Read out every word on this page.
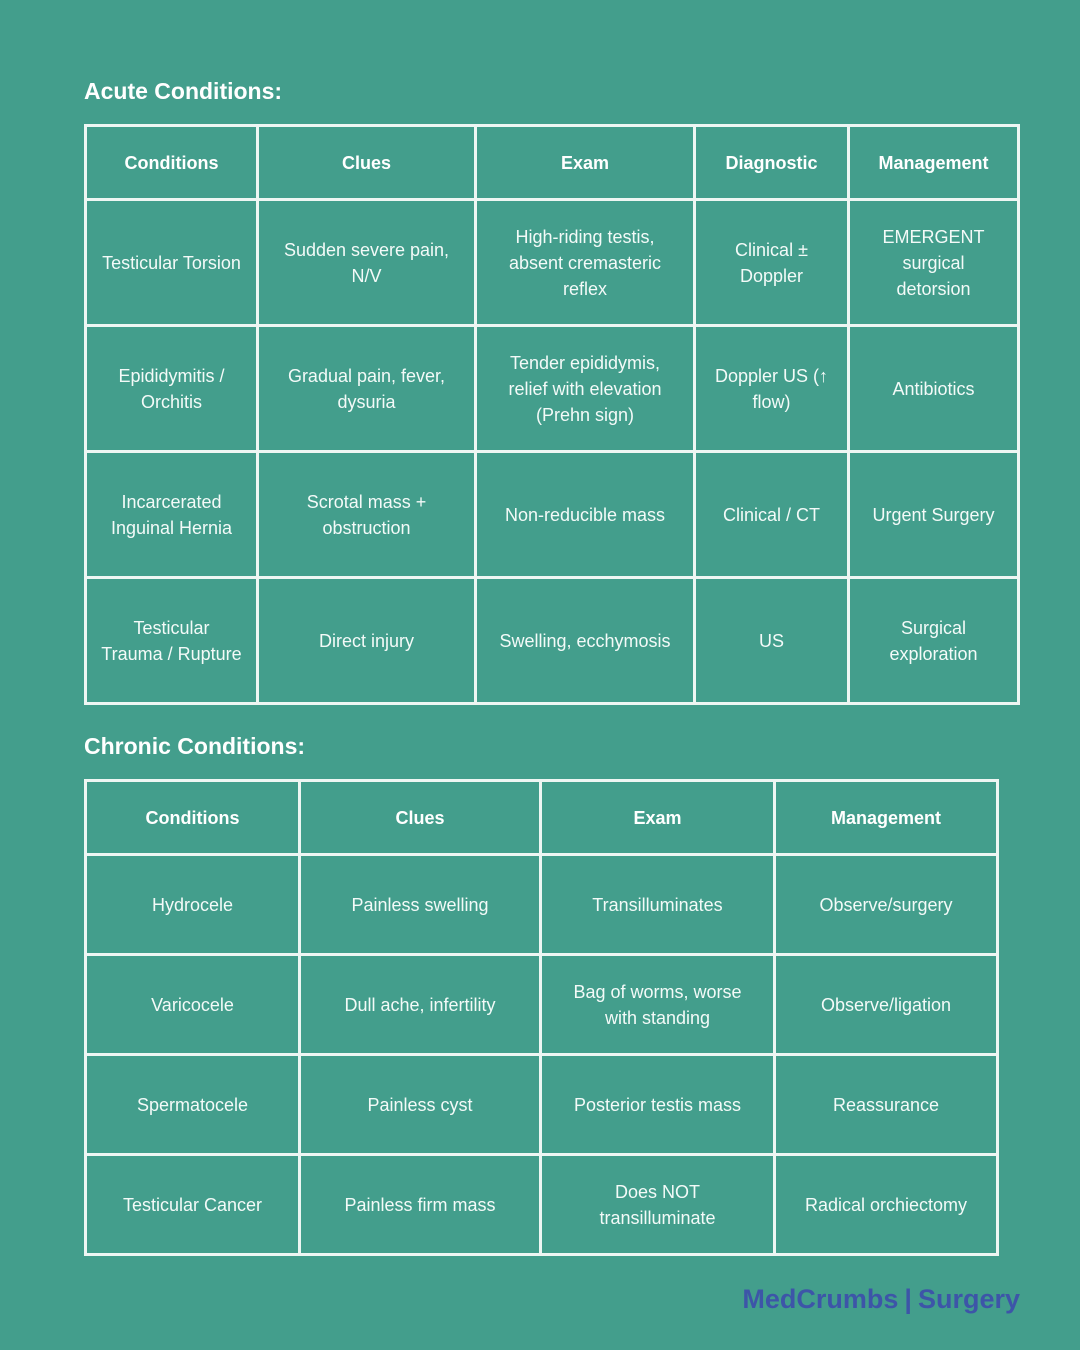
Acute Conditions:
Conditions	Clues	Exam	Diagnostic	Management
Testicular Torsion	Sudden severe pain, N/V	High-riding testis, absent cremasteric reflex	Clinical ± Doppler	EMERGENT surgical detorsion
Epididymitis / Orchitis	Gradual pain, fever, dysuria	Tender epididymis, relief with elevation (Prehn sign)	Doppler US (↑ flow)	Antibiotics
Incarcerated Inguinal Hernia	Scrotal mass + obstruction	Non-reducible mass	Clinical / CT	Urgent Surgery
Testicular Trauma / Rupture	Direct injury	Swelling, ecchymosis	US	Surgical exploration
Chronic Conditions:
Conditions	Clues	Exam	Management
Hydrocele	Painless swelling	Transilluminates	Observe/surgery
Varicocele	Dull ache, infertility	Bag of worms, worse with standing	Observe/ligation
Spermatocele	Painless cyst	Posterior testis mass	Reassurance
Testicular Cancer	Painless firm mass	Does NOT transilluminate	Radical orchiectomy
MedCrumbs | Surgery
